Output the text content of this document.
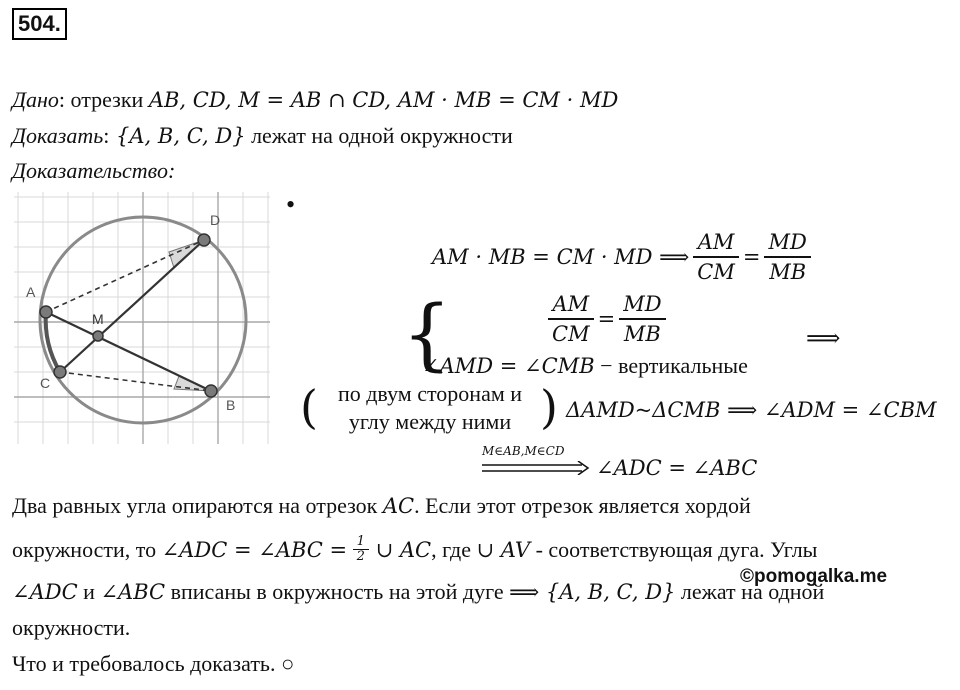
504.
Дано: отрезки AB, CD, M = AB ∩ CD, AM · MB = CM · MD
Доказать: {A, B, C, D} лежат на одной окружности
Доказательство:
A
B
C
D
M
•
AM · MB = CM · MD ⟹ $\frac{AM}{CM} = \frac{MD}{MB}$
{	$\frac{AM}{CM} = \frac{MD}{MB}$
∠AMD = ∠CMB − вертикальные
⟹
( по двум сторонам и
углу между ними ) ΔAMD~ΔCMB ⟹ ∠ADM = ∠CBM
M∈AB,M∈CD
∠ADC = ∠ABC
Два равных угла опираются на отрезок AC. Если этот отрезок является хордой
окружности, то ∠ADC = ∠ABC = $\frac{1}{2}$ ∪ AC, где ∪ AV - соответствующая дуга. Углы
∠ADC и ∠ABC вписаны в окружность на этой дуге ⟹ {A, B, C, D} лежат на одной
©pomogalka.me
окружности.
Что и требовалось доказать. ○
